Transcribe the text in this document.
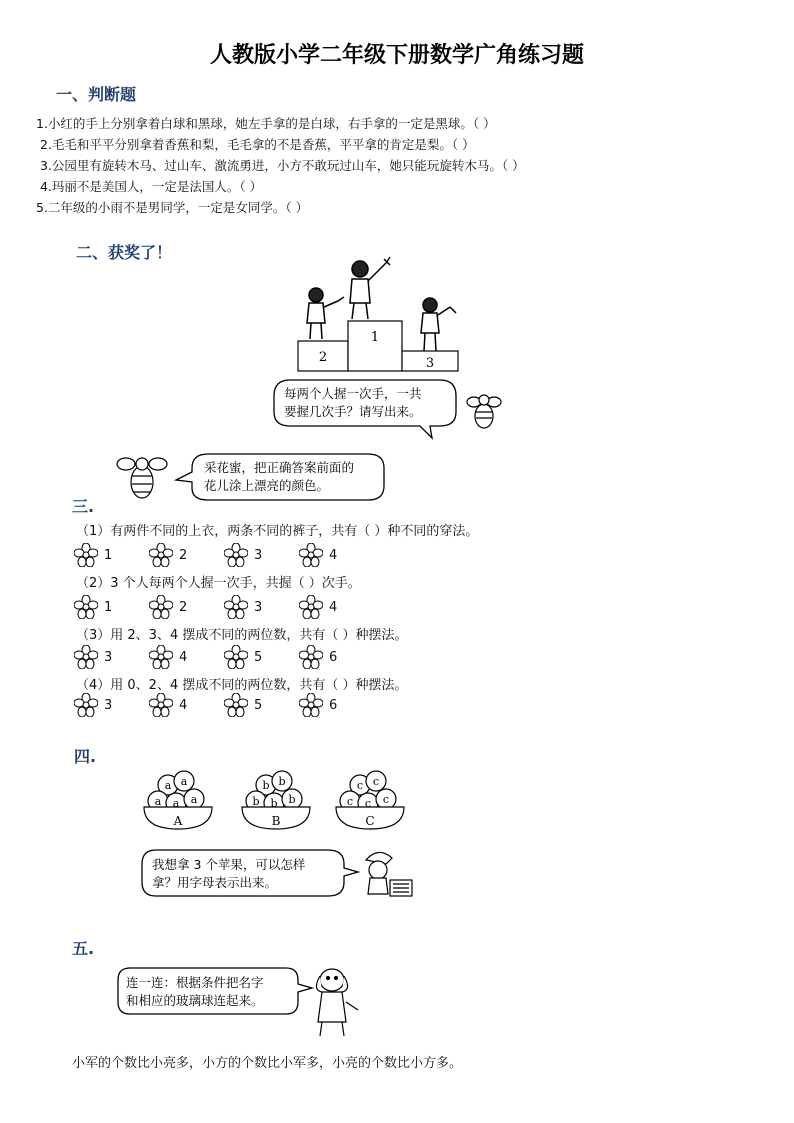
人教版小学二年级下册数学广角练习题
一、判断题
1.小红的手上分别拿着白球和黑球，她左手拿的是白球，右手拿的一定是黑球。（ ）
2.毛毛和平平分别拿着香蕉和梨，毛毛拿的不是香蕉，平平拿的肯定是梨。（ ）
3.公园里有旋转木马、过山车、激流勇进，小方不敢玩过山车，她只能玩旋转木马。（ ）
4.玛丽不是美国人，一定是法国人。（ ）
5.二年级的小雨不是男同学，一定是女同学。（ ）
二、获奖了！
2
1
3
每两个人握一次手，一共
要握几次手？请写出来。
采花蜜，把正确答案前面的
花儿涂上漂亮的颜色。
三.
（1）有两件不同的上衣，两条不同的裤子，共有（ ）种不同的穿法。
1	2	3	4
（2）3 个人每两个人握一次手，共握（ ）次手。
1	2	3	4
（3）用 2、3、4 摆成不同的两位数，共有（ ）种摆法。
3	4	5	6
（4）用 0、2、4 摆成不同的两位数，共有（ ）种摆法。
3	4	5	6
四.
a a
a a a
A
b b
b b b
B
c c
c c c
C
我想拿 3 个苹果，可以怎样
拿？用字母表示出来。
五.
连一连：根据条件把名字
和相应的玻璃球连起来。
小军的个数比小亮多，小方的个数比小军多，小亮的个数比小方多。
